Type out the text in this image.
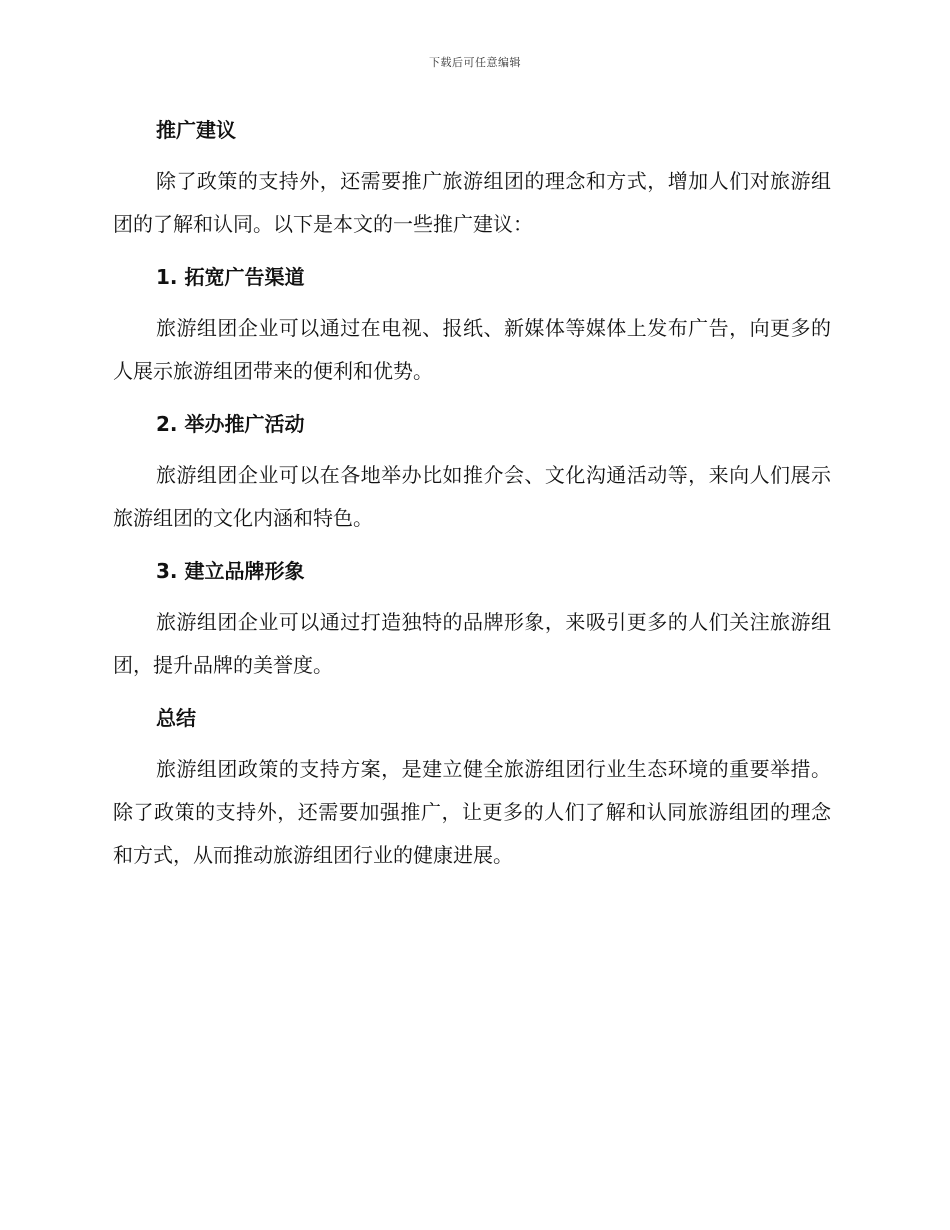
下载后可任意编辑
推广建议

除了政策的支持外，还需要推广旅游组团的理念和方式，增加人们对旅游组团的了解和认同。以下是本文的一些推广建议：

1. 拓宽广告渠道

旅游组团企业可以通过在电视、报纸、新媒体等媒体上发布广告，向更多的人展示旅游组团带来的便利和优势。

2. 举办推广活动

旅游组团企业可以在各地举办比如推介会、文化沟通活动等，来向人们展示旅游组团的文化内涵和特色。

3. 建立品牌形象

旅游组团企业可以通过打造独特的品牌形象，来吸引更多的人们关注旅游组团，提升品牌的美誉度。

总结

旅游组团政策的支持方案，是建立健全旅游组团行业生态环境的重要举措。除了政策的支持外，还需要加强推广，让更多的人们了解和认同旅游组团的理念和方式，从而推动旅游组团行业的健康进展。
